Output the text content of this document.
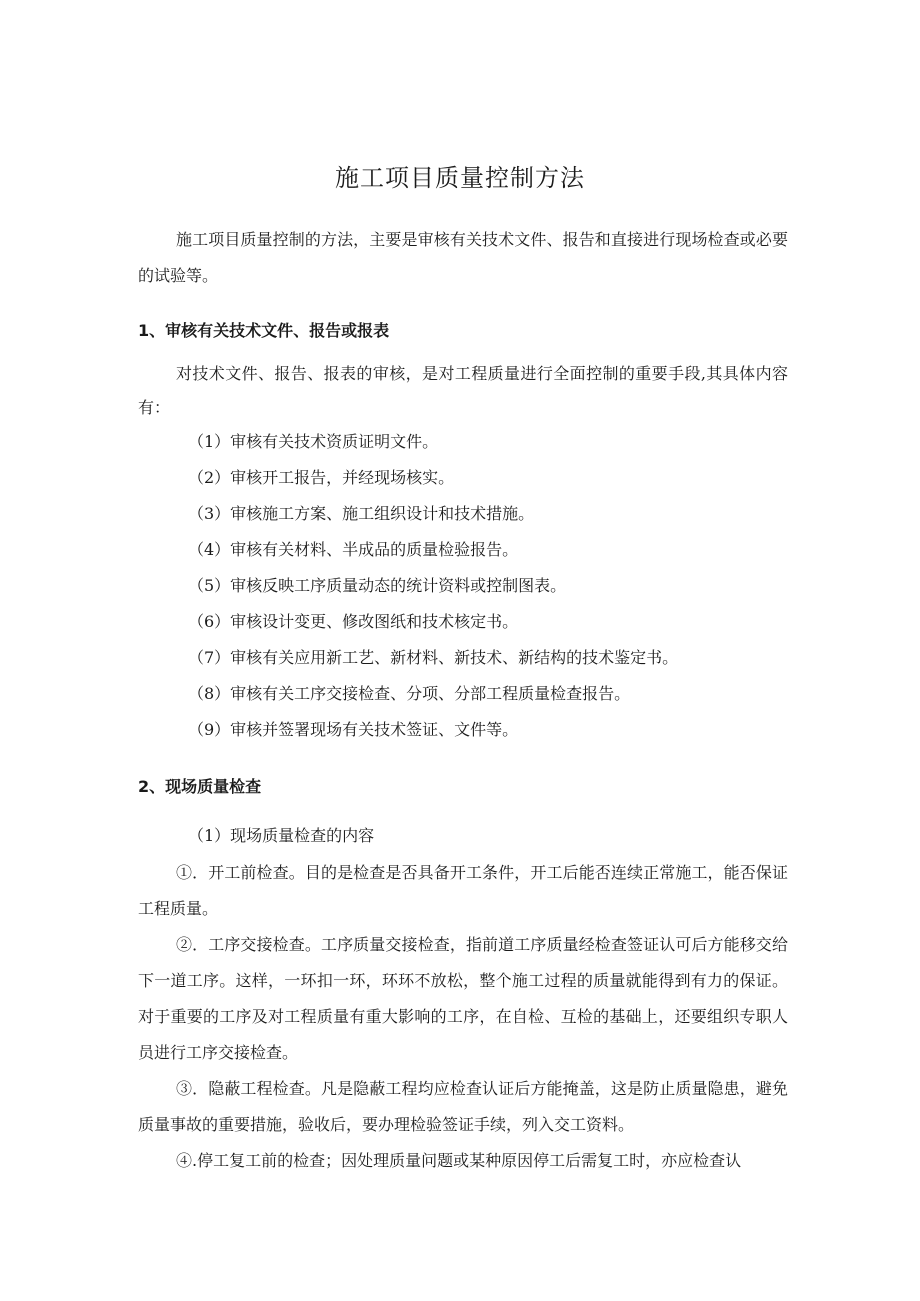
施工项目质量控制方法
施工项目质量控制的方法，主要是审核有关技术文件、报告和直接进行现场检查或必要的试验等。
1、审核有关技术文件、报告或报表
对技术文件、报告、报表的审核，是对工程质量进行全面控制的重要手段,其具体内容有：
（1）审核有关技术资质证明文件。
（2）审核开工报告，并经现场核实。
（3）审核施工方案、施工组织设计和技术措施。
（4）审核有关材料、半成品的质量检验报告。
（5）审核反映工序质量动态的统计资料或控制图表。
（6）审核设计变更、修改图纸和技术核定书。
（7）审核有关应用新工艺、新材料、新技术、新结构的技术鉴定书。
（8）审核有关工序交接检查、分项、分部工程质量检查报告。
（9）审核并签署现场有关技术签证、文件等。
2、现场质量检查
（1）现场质量检查的内容
①．开工前检查。目的是检查是否具备开工条件，开工后能否连续正常施工，能否保证工程质量。
②．工序交接检查。工序质量交接检查，指前道工序质量经检查签证认可后方能移交给下一道工序。这样，一环扣一环，环环不放松，整个施工过程的质量就能得到有力的保证。对于重要的工序及对工程质量有重大影响的工序，在自检、互检的基础上，还要组织专职人员进行工序交接检查。
③．隐蔽工程检查。凡是隐蔽工程均应检查认证后方能掩盖，这是防止质量隐患，避免质量事故的重要措施，验收后，要办理检验签证手续，列入交工资料。
④.停工复工前的检查；因处理质量问题或某种原因停工后需复工时，亦应检查认
